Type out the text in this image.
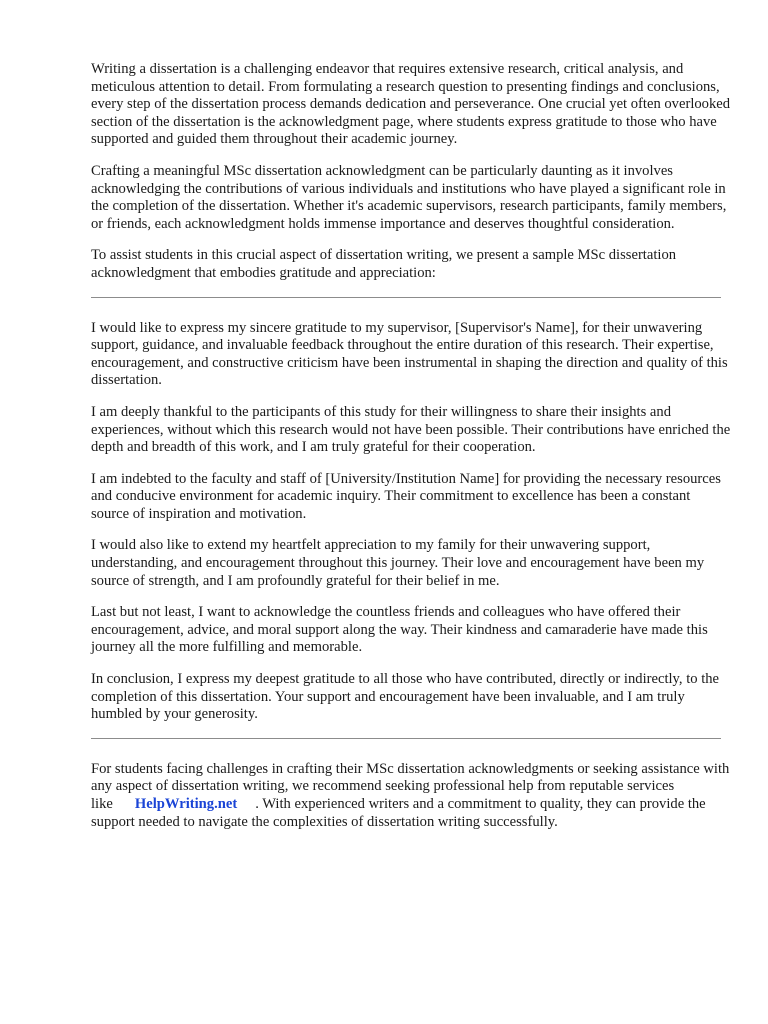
Writing a dissertation is a challenging endeavor that requires extensive research, critical analysis, and meticulous attention to detail. From formulating a research question to presenting findings and conclusions, every step of the dissertation process demands dedication and perseverance. One crucial yet often overlooked section of the dissertation is the acknowledgment page, where students express gratitude to those who have supported and guided them throughout their academic journey.

Crafting a meaningful MSc dissertation acknowledgment can be particularly daunting as it involves acknowledging the contributions of various individuals and institutions who have played a significant role in the completion of the dissertation. Whether it's academic supervisors, research participants, family members, or friends, each acknowledgment holds immense importance and deserves thoughtful consideration.

To assist students in this crucial aspect of dissertation writing, we present a sample MSc dissertation acknowledgment that embodies gratitude and appreciation:

I would like to express my sincere gratitude to my supervisor, [Supervisor's Name], for their unwavering support, guidance, and invaluable feedback throughout the entire duration of this research. Their expertise, encouragement, and constructive criticism have been instrumental in shaping the direction and quality of this dissertation.

I am deeply thankful to the participants of this study for their willingness to share their insights and experiences, without which this research would not have been possible. Their contributions have enriched the depth and breadth of this work, and I am truly grateful for their cooperation.

I am indebted to the faculty and staff of [University/Institution Name] for providing the necessary resources and conducive environment for academic inquiry. Their commitment to excellence has been a constant source of inspiration and motivation.

I would also like to extend my heartfelt appreciation to my family for their unwavering support, understanding, and encouragement throughout this journey. Their love and encouragement have been my source of strength, and I am profoundly grateful for their belief in me.

Last but not least, I want to acknowledge the countless friends and colleagues who have offered their encouragement, advice, and moral support along the way. Their kindness and camaraderie have made this journey all the more fulfilling and memorable.

In conclusion, I express my deepest gratitude to all those who have contributed, directly or indirectly, to the completion of this dissertation. Your support and encouragement have been invaluable, and I am truly humbled by your generosity.

For students facing challenges in crafting their MSc dissertation acknowledgments or seeking assistance with any aspect of dissertation writing, we recommend seeking professional help from reputable services like HelpWriting.net . With experienced writers and a commitment to quality, they can provide the support needed to navigate the complexities of dissertation writing successfully.
